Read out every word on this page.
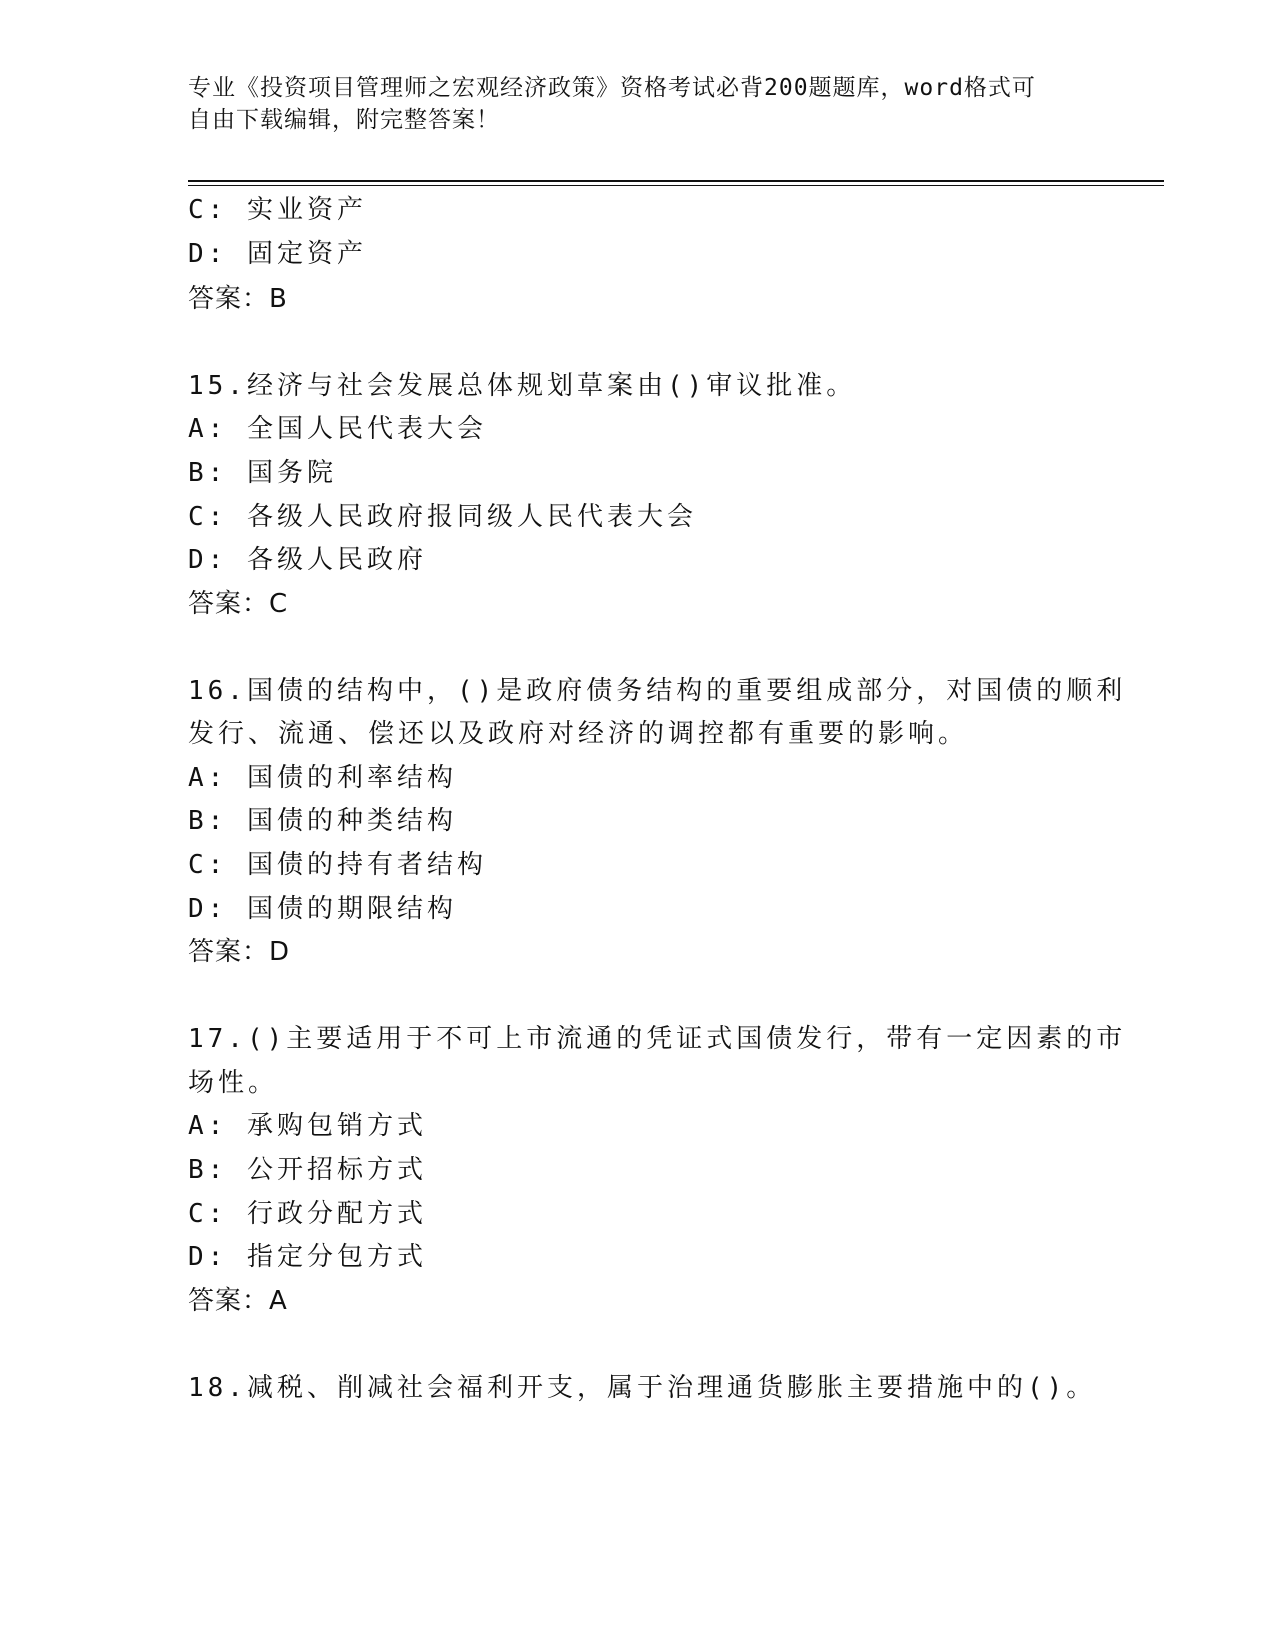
专业《投资项目管理师之宏观经济政策》资格考试必背200题题库，word格式可
自由下载编辑，附完整答案！
C: 实业资产
D: 固定资产
答案：B
15.经济与社会发展总体规划草案由()审议批准。
A: 全国人民代表大会
B: 国务院
C: 各级人民政府报同级人民代表大会
D: 各级人民政府
答案：C
16.国债的结构中，()是政府债务结构的重要组成部分，对国债的顺利
发行、流通、偿还以及政府对经济的调控都有重要的影响。
A: 国债的利率结构
B: 国债的种类结构
C: 国债的持有者结构
D: 国债的期限结构
答案：D
17.()主要适用于不可上市流通的凭证式国债发行，带有一定因素的市
场性。
A: 承购包销方式
B: 公开招标方式
C: 行政分配方式
D: 指定分包方式
答案：A
18.减税、削减社会福利开支，属于治理通货膨胀主要措施中的()。
